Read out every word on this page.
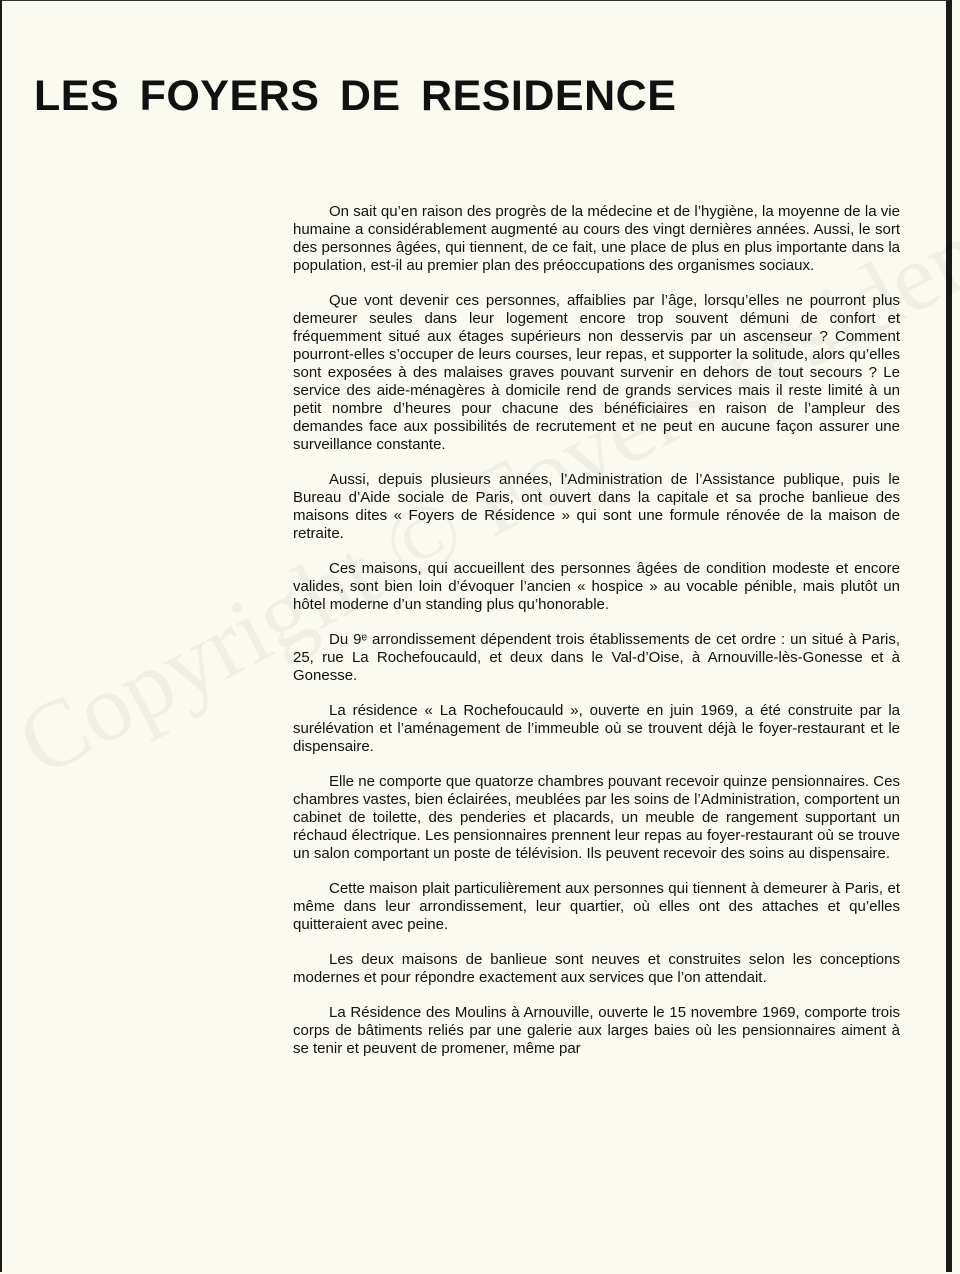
LES FOYERS DE RESIDENCE

On sait qu’en raison des progrès de la médecine et de l’hygiène, la moyenne de la vie humaine a considérablement augmenté au cours des vingt dernières années. Aussi, le sort des personnes âgées, qui tiennent, de ce fait, une place de plus en plus importante dans la population, est-il au premier plan des préoccupations des organismes sociaux.

Que vont devenir ces personnes, affaiblies par l’âge, lorsqu’elles ne pourront plus demeurer seules dans leur logement encore trop souvent démuni de confort et fréquemment situé aux étages supérieurs non desservis par un ascenseur ? Comment pourront-elles s’occuper de leurs courses, leur repas, et supporter la solitude, alors qu’elles sont exposées à des malaises graves pouvant survenir en dehors de tout secours ? Le service des aide-ménagères à domicile rend de grands services mais il reste limité à un petit nombre d’heures pour chacune des bénéficiaires en raison de l’ampleur des demandes face aux possibilités de recrutement et ne peut en aucune façon assurer une surveillance constante.

Aussi, depuis plusieurs années, l’Administration de l’Assistance publique, puis le Bureau d’Aide sociale de Paris, ont ouvert dans la capitale et sa proche banlieue des maisons dites « Foyers de Résidence » qui sont une formule rénovée de la maison de retraite.

Ces maisons, qui accueillent des personnes âgées de condition modeste et encore valides, sont bien loin d’évoquer l’ancien « hospice » au vocable pénible, mais plutôt un hôtel moderne d’un standing plus qu’honorable.

Du 9ᵉ arrondissement dépendent trois établissements de cet ordre : un situé à Paris, 25, rue La Rochefoucauld, et deux dans le Val-d’Oise, à Arnouville-lès-Gonesse et à Gonesse.

La résidence « La Rochefoucauld », ouverte en juin 1969, a été construite par la surélévation et l’aménagement de l’immeuble où se trouvent déjà le foyer-restaurant et le dispensaire.

Elle ne comporte que quatorze chambres pouvant recevoir quinze pensionnaires. Ces chambres vastes, bien éclairées, meublées par les soins de l’Administration, comportent un cabinet de toilette, des penderies et placards, un meuble de rangement supportant un réchaud électrique. Les pensionnaires prennent leur repas au foyer-restaurant où se trouve un salon comportant un poste de télévision. Ils peuvent recevoir des soins au dispensaire.

Cette maison plait particulièrement aux personnes qui tiennent à demeurer à Paris, et même dans leur arrondissement, leur quartier, où elles ont des attaches et qu’elles quitteraient avec peine.

Les deux maisons de banlieue sont neuves et construites selon les conceptions modernes et pour répondre exactement aux services que l’on attendait.

La Résidence des Moulins à Arnouville, ouverte le 15 novembre 1969, comporte trois corps de bâtiments reliés par une galerie aux larges baies où les pensionnaires aiment à se tenir et peuvent de promener, même par
